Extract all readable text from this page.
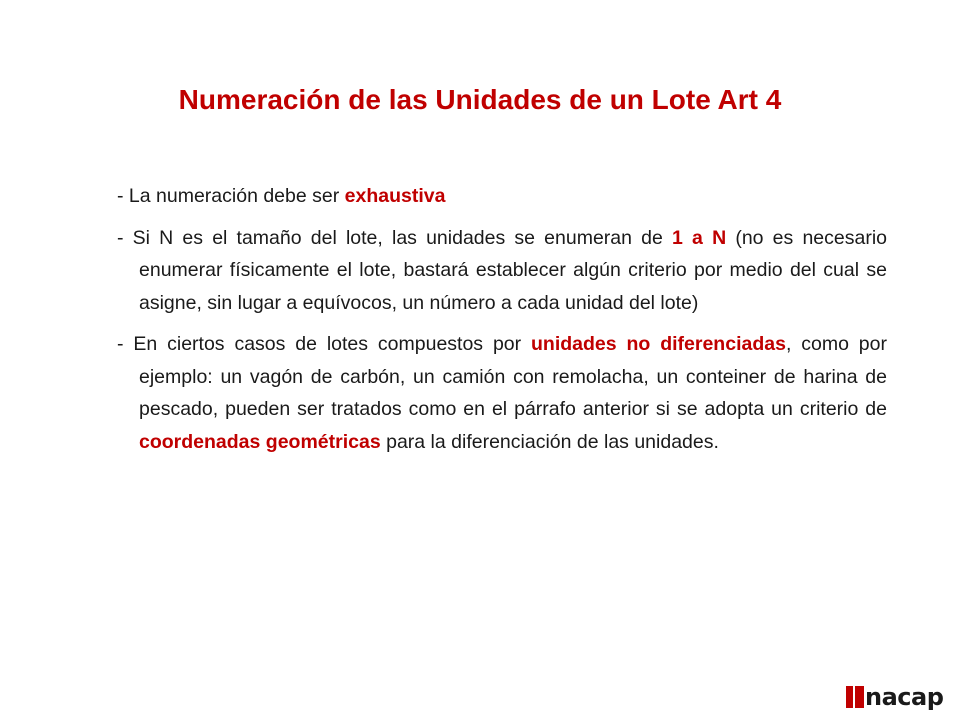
Numeración de las Unidades de un Lote Art 4

- La numeración debe ser exhaustiva

- Si N es el tamaño del lote, las unidades se enumeran de 1 a N (no es necesario enumerar físicamente el lote, bastará establecer algún criterio por medio del cual se asigne, sin lugar a equívocos, un número a cada unidad del lote)

- En ciertos casos de lotes compuestos por unidades no diferenciadas, como por ejemplo: un vagón de carbón, un camión con remolacha, un conteiner de harina de pescado, pueden ser tratados como en el párrafo anterior si se adopta un criterio de coordenadas geométricas para la diferenciación de las unidades.

nacap
